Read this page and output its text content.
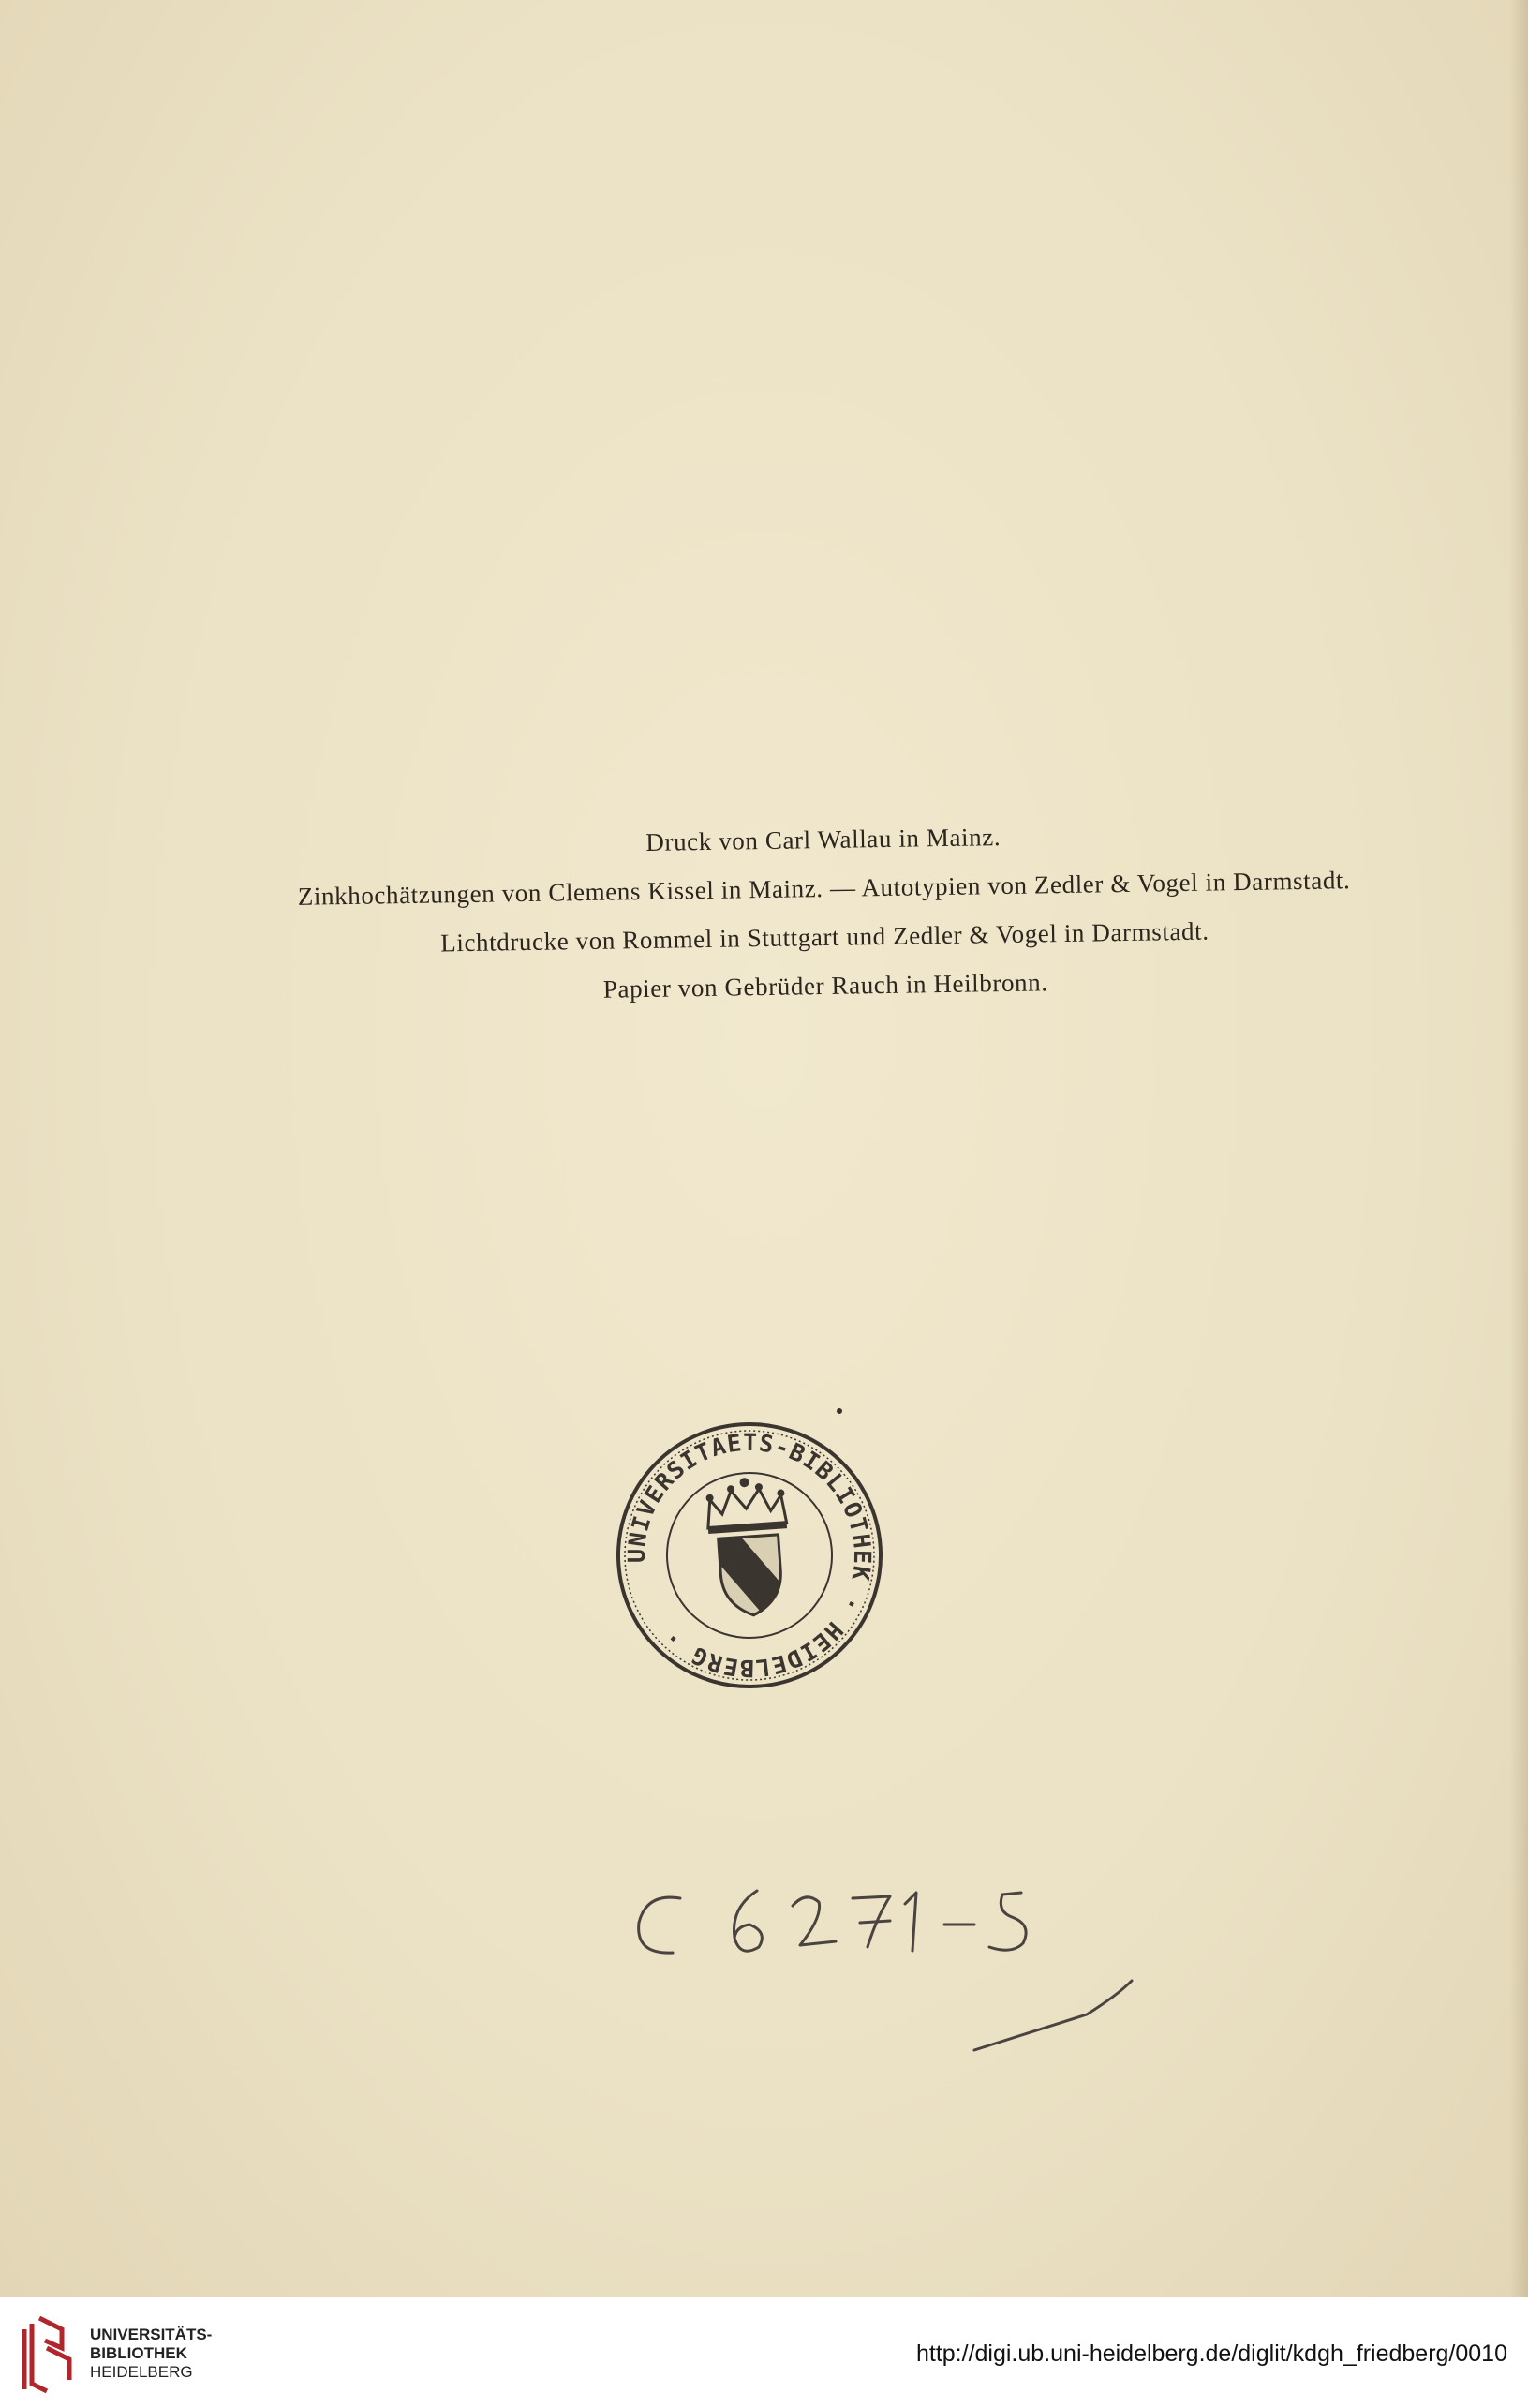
Druck von Carl Wallau in Mainz.
Zinkhochätzungen von Clemens Kissel in Mainz. — Autotypien von Zedler & Vogel in Darmstadt.
Lichtdrucke von Rommel in Stuttgart und Zedler & Vogel in Darmstadt.
Papier von Gebrüder Rauch in Heilbronn.
UNIVERSITAETS-BIBLIOTHEK · HEIDELBERG ·
C 6271-S
UNIVERSITÄTS-
BIBLIOTHEK
HEIDELBERG
http://digi.ub.uni-heidelberg.de/diglit/kdgh_friedberg/0010
